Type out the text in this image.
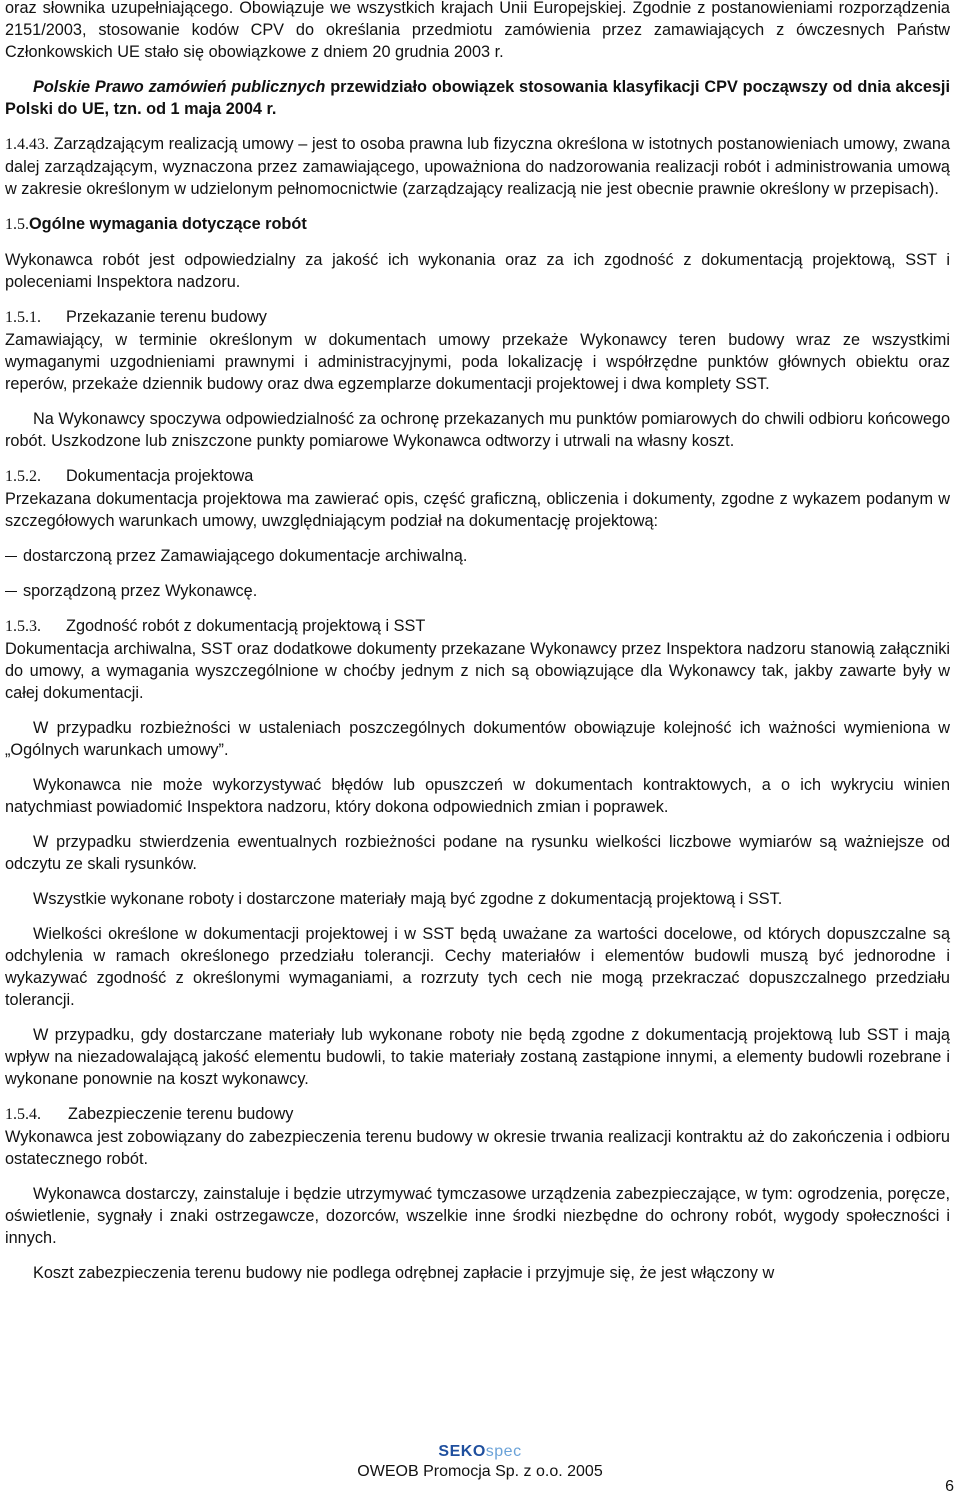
oraz słownika uzupełniającego. Obowiązuje we wszystkich krajach Unii Europejskiej. Zgodnie z postanowieniami rozporządzenia 2151/2003, stosowanie kodów CPV do określania przedmiotu zamówienia przez zamawiających z ówczesnych Państw Członkowskich UE stało się obowiązkowe z dniem 20 grudnia 2003 r.

Polskie Prawo zamówień publicznych przewidziało obowiązek stosowania klasyfikacji CPV począwszy od dnia akcesji Polski do UE, tzn. od 1 maja 2004 r.

1.4.43. Zarządzającym realizacją umowy – jest to osoba prawna lub fizyczna określona w istotnych postanowieniach umowy, zwana dalej zarządzającym, wyznaczona przez zamawiającego, upoważniona do nadzorowania realizacji robót i administrowania umową w zakresie określonym w udzielonym pełnomocnictwie (zarządzający realizacją nie jest obecnie prawnie określony w przepisach).

1.5.Ogólne wymagania dotyczące robót

Wykonawca robót jest odpowiedzialny za jakość ich wykonania oraz za ich zgodność z dokumentacją projektową, SST i poleceniami Inspektora nadzoru.

1.5.1. Przekazanie terenu budowy

Zamawiający, w terminie określonym w dokumentach umowy przekaże Wykonawcy teren budowy wraz ze wszystkimi wymaganymi uzgodnieniami prawnymi i administracyjnymi, poda lokalizację i współrzędne punktów głównych obiektu oraz reperów, przekaże dziennik budowy oraz dwa egzemplarze dokumentacji projektowej i dwa komplety SST.

Na Wykonawcy spoczywa odpowiedzialność za ochronę przekazanych mu punktów pomiarowych do chwili odbioru końcowego robót. Uszkodzone lub zniszczone punkty pomiarowe Wykonawca odtworzy i utrwali na własny koszt.

1.5.2. Dokumentacja projektowa

Przekazana dokumentacja projektowa ma zawierać opis, część graficzną, obliczenia i dokumenty, zgodne z wykazem podanym w szczegółowych warunkach umowy, uwzględniającym podział na dokumentację projektową:

dostarczoną przez Zamawiającego dokumentacje archiwalną.

sporządzoną przez Wykonawcę.

1.5.3. Zgodność robót z dokumentacją projektową i SST

Dokumentacja archiwalna, SST oraz dodatkowe dokumenty przekazane Wykonawcy przez Inspektora nadzoru stanowią załączniki do umowy, a wymagania wyszczególnione w choćby jednym z nich są obowiązujące dla Wykonawcy tak, jakby zawarte były w całej dokumentacji.

W przypadku rozbieżności w ustaleniach poszczególnych dokumentów obowiązuje kolejność ich ważności wymieniona w „Ogólnych warunkach umowy”.

Wykonawca nie może wykorzystywać błędów lub opuszczeń w dokumentach kontraktowych, a o ich wykryciu winien natychmiast powiadomić Inspektora nadzoru, który dokona odpowiednich zmian i poprawek.

W przypadku stwierdzenia ewentualnych rozbieżności podane na rysunku wielkości liczbowe wymiarów są ważniejsze od odczytu ze skali rysunków.

Wszystkie wykonane roboty i dostarczone materiały mają być zgodne z dokumentacją projektową i SST.

Wielkości określone w dokumentacji projektowej i w SST będą uważane za wartości docelowe, od których dopuszczalne są odchylenia w ramach określonego przedziału tolerancji. Cechy materiałów i elementów budowli muszą być jednorodne i wykazywać zgodność z określonymi wymaganiami, a rozrzuty tych cech nie mogą przekraczać dopuszczalnego przedziału tolerancji.

W przypadku, gdy dostarczane materiały lub wykonane roboty nie będą zgodne z dokumentacją projektową lub SST i mają wpływ na niezadowalającą jakość elementu budowli, to takie materiały zostaną zastąpione innymi, a elementy budowli rozebrane i wykonane ponownie na koszt wykonawcy.

1.5.4. Zabezpieczenie terenu budowy

Wykonawca jest zobowiązany do zabezpieczenia terenu budowy w okresie trwania realizacji kontraktu aż do zakończenia i odbioru ostatecznego robót.

Wykonawca dostarczy, zainstaluje i będzie utrzymywać tymczasowe urządzenia zabezpieczające, w tym: ogrodzenia, poręcze, oświetlenie, sygnały i znaki ostrzegawcze, dozorców, wszelkie inne środki niezbędne do ochrony robót, wygody społeczności i innych.

Koszt zabezpieczenia terenu budowy nie podlega odrębnej zapłacie i przyjmuje się, że jest włączony w

SEKOspec
OWEOB Promocja Sp. z o.o. 2005
6
